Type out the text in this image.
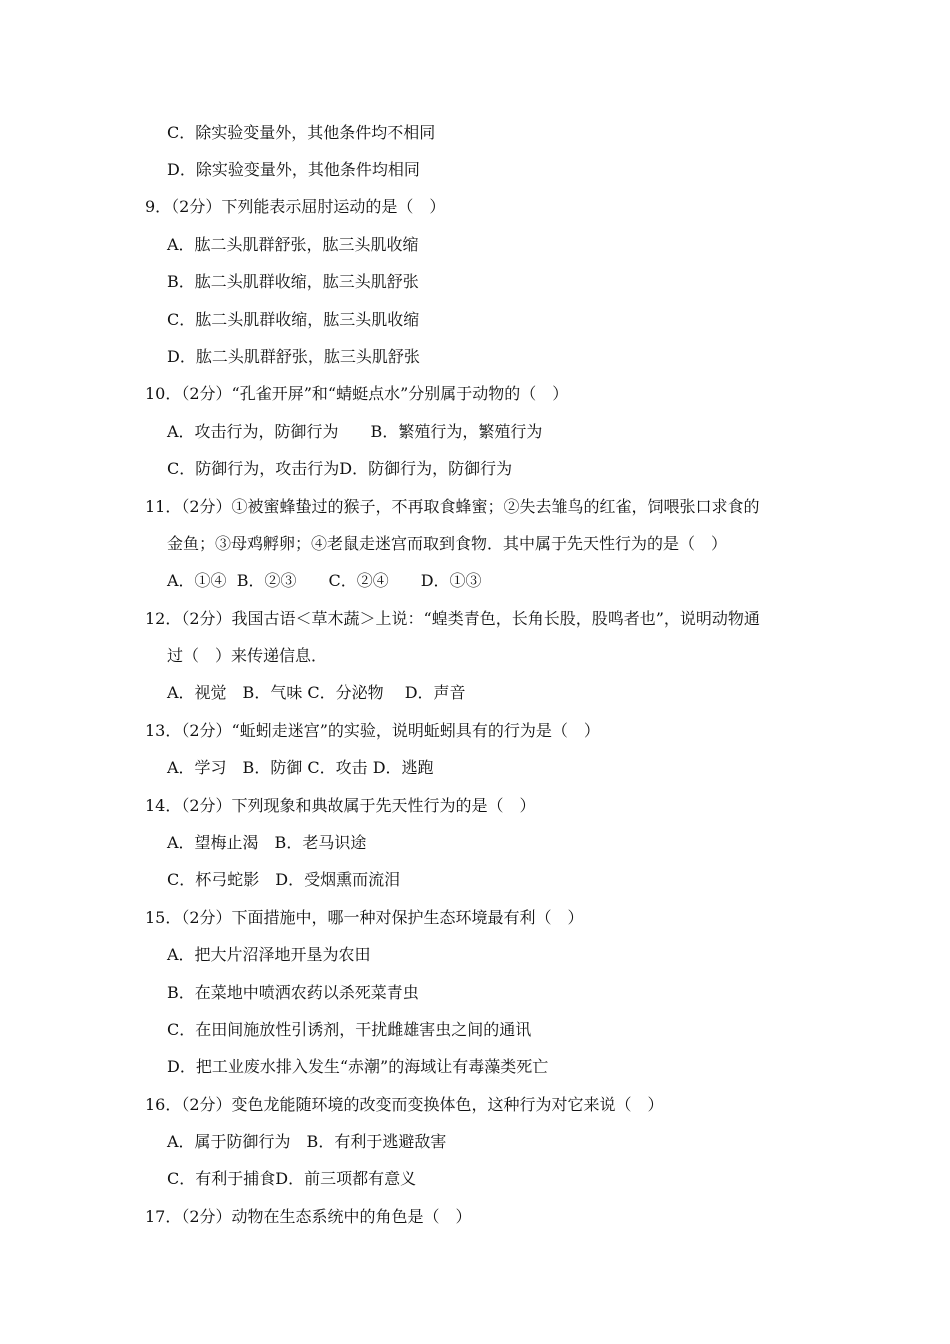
C．除实验变量外，其他条件均不相同
D．除实验变量外，其他条件均相同
9．（2分）下列能表示屈肘运动的是（　）
A．肱二头肌群舒张，肱三头肌收缩
B．肱二头肌群收缩，肱三头肌舒张
C．肱二头肌群收缩，肱三头肌收缩
D．肱二头肌群舒张，肱三头肌舒张
10．（2分）“孔雀开屏”和“蜻蜓点水”分别属于动物的（　）
A．攻击行为，防御行为　　B．繁殖行为，繁殖行为
C．防御行为，攻击行为D．防御行为，防御行为
11．（2分）①被蜜蜂蛰过的猴子，不再取食蜂蜜；②失去雏鸟的红雀，饲喂张口求食的
金鱼；③母鸡孵卵；④老鼠走迷宫而取到食物．其中属于先天性行为的是（　）
A．①④  B．②③　　C．②④　　D．①③
12．（2分）我国古语＜草木蔬＞上说：“蝗类青色，长角长股，股鸣者也”，说明动物通
过（　）来传递信息．
A．视觉　B．气味 C．分泌物　 D．声音
13．（2分）“蚯蚓走迷宫”的实验，说明蚯蚓具有的行为是（　）
A．学习　B．防御 C．攻击 D．逃跑
14．（2分）下列现象和典故属于先天性行为的是（　）
A．望梅止渴　B．老马识途
C．杯弓蛇影　D．受烟熏而流泪
15．（2分）下面措施中，哪一种对保护生态环境最有利（　）
A．把大片沼泽地开垦为农田
B．在菜地中喷洒农药以杀死菜青虫
C．在田间施放性引诱剂，干扰雌雄害虫之间的通讯
D．把工业废水排入发生“赤潮”的海域让有毒藻类死亡
16．（2分）变色龙能随环境的改变而变换体色，这种行为对它来说（　）
A．属于防御行为　B．有利于逃避敌害
C．有利于捕食D．前三项都有意义
17．（2分）动物在生态系统中的角色是（　）
